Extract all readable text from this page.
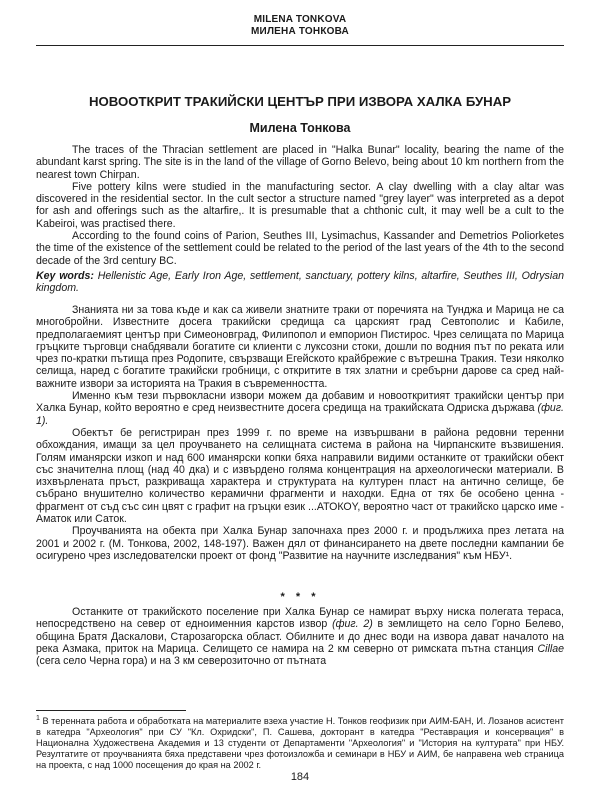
MILENA TONKOVA
МИЛЕНА ТОНКОВА
НОВООТКРИТ ТРАКИЙСКИ ЦЕНТЪР ПРИ ИЗВОРА ХАЛКА БУНАР
Милена Тонкова

The traces of the Thracian settlement are placed in "Halka Bunar" locality, bearing the name of the abundant karst spring. The site is in the land of the village of Gorno Belevo, being about 10 km northern from the nearest town Chirpan.

Five pottery kilns were studied in the manufacturing sector. A clay dwelling with a clay altar was discovered in the residential sector. In the cult sector a structure named "grey layer" was interpreted as a depot for ash and offerings such as the altarfire,. It is presumable that a chthonic cult, it may well be a cult to the Kabeiroi, was practised there.

According to the found coins of Parion, Seuthes III, Lysimachus, Kassander and Demetrios Poliorketes the time of the existence of the settlement could be related to the period of the last years of the 4th to the second decade of the 3rd century BC.

Key words: Hellenistic Age, Early Iron Age, settlement, sanctuary, pottery kilns, altarfire, Seuthes III, Odrysian kingdom.

Знанията ни за това къде и как са живели знатните траки от поречията на Тунджа и Марица не са многобройни. Известните досега тракийски средища са царският град Севтополис и Кабиле, предполагаемият център при Симеоновград, Филипопол и емпорион Пистирос. Чрез селищата по Марица гръцките търговци снабдявали богатите си клиенти с луксозни стоки, дошли по водния път по реката или чрез по-кратки пътища през Родопите, свързващи Егейското крайбрежие с вътрешна Тракия. Тези няколко селища, наред с богатите тракийски гробници, с откритите в тях златни и сребърни дарове са сред най-важните извори за историята на Тракия в съвременността.

Именно към тези първокласни извори можем да добавим и новооткритият тракийски център при Халка Бунар, който вероятно е сред неизвестните досега средища на тракийската Одриска държава (фиг. 1).

Обектът бе регистриран през 1999 г. по време на извършвани в района редовни теренни обхождания, имащи за цел проучването на селищната система в района на Чирпанските възвишения. Голям иманярски изкоп и над 600 иманярски копки бяха направили видими останките от тракийски обект със значителна площ (над 40 дка) и с извърдено голяма концентрация на археологически материали. В изхвърлената пръст, разкриваща характера и структурата на културен пласт на антично селище, бе събрано внушително количество керамични фрагменти и находки. Една от тях бе особено ценна - фрагмент от съд със син цвят с графит на гръцки език ...АТОКОY, вероятно част от тракийско царско име - Аматок или Саток.

Проучванията на обекта при Халка Бунар започнаха през 2000 г. и продължиха през летата на 2001 и 2002 г. (М. Тонкова, 2002, 148-197). Важен дял от финансирането на двете последни кампании бе осигурено чрез изследователски проект от фонд "Развитие на научните изследвания" към НБУ¹.

* * *

Останките от тракийското поселение при Халка Бунар се намират върху ниска полегата тераса, непосредствено на север от едноименния карстов извор (фиг. 2) в землището на село Горно Белево, община Братя Даскалови, Старозагорска област. Обилните и до днес води на извора дават началото на река Азмака, приток на Марица. Селището се намира на 2 км северно от римската пътна станция Cillae (сега село Черна гора) и на 3 км северозиточно от пътната

$^1$ В теренната работа и обработката на материалите взеха участие Н. Тонков геофизик при АИМ-БАН, И. Лозанов асистент в катедра "Археология" при СУ "Кл. Охридски", П. Сашева, докторант в катедра "Реставрация и консервация" в Национална Художествена Академия и 13 студенти от Департаменти "Археология" и "История на културата" при НБУ. Резултатите от проучванията бяха представени чрез фотоизложба и семинари в НБУ и АИМ, бе направена web страница на проекта, с над 1000 посещения до края на 2002 г.
184
